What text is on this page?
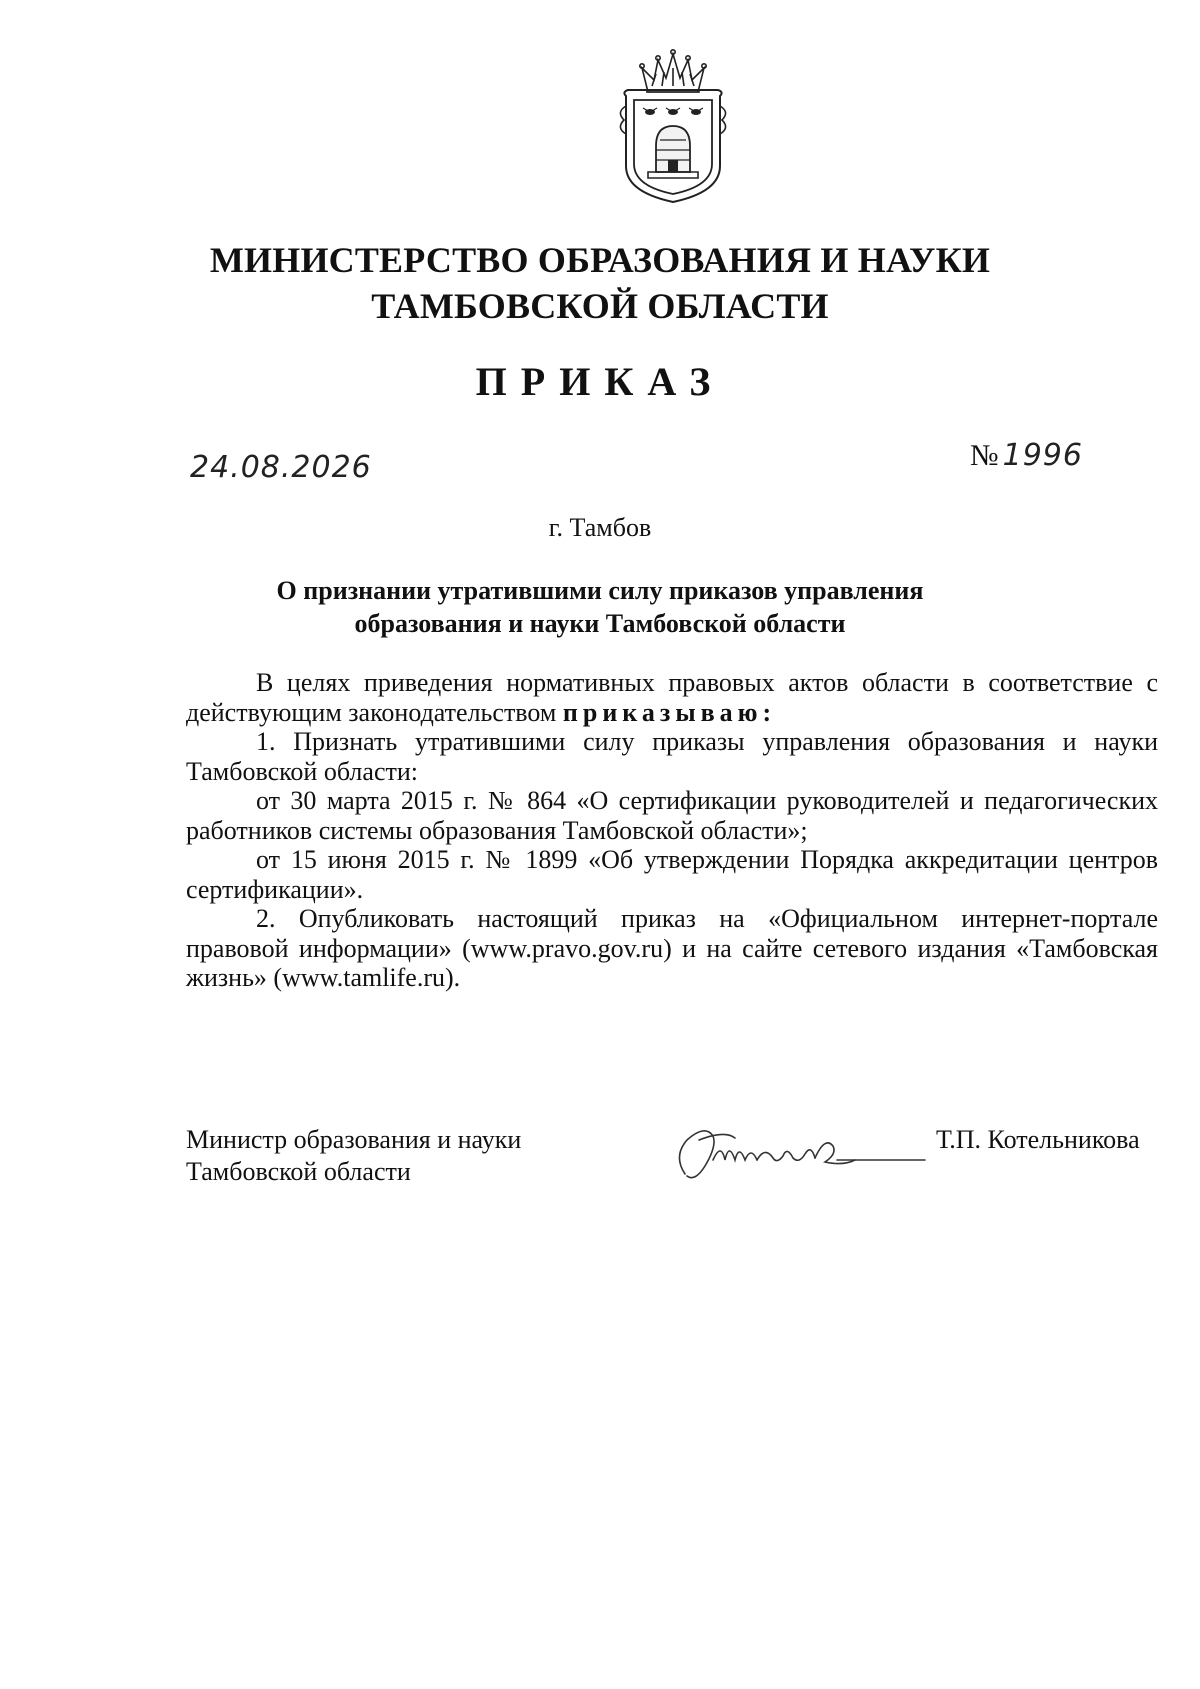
МИНИСТЕРСТВО ОБРАЗОВАНИЯ И НАУКИ
ТАМБОВСКОЙ ОБЛАСТИ
ПРИКАЗ
24.08.2026	№ 1996
г. Тамбов
О признании утратившими силу приказов управления образования и науки Тамбовской области

В целях приведения нормативных правовых актов области в соответствие с действующим законодательством приказываю:

1. Признать утратившими силу приказы управления образования и науки Тамбовской области:

от 30 марта 2015 г. № 864 «О сертификации руководителей и педагогических работников системы образования Тамбовской области»;

от 15 июня 2015 г. № 1899 «Об утверждении Порядка аккредитации центров сертификации».

2. Опубликовать настоящий приказ на «Официальном интернет-портале правовой информации» (www.pravo.gov.ru) и на сайте сетевого издания «Тамбовская жизнь» (www.tamlife.ru).

Министр образования и науки
Тамбовской области
Т.П. Котельникова
